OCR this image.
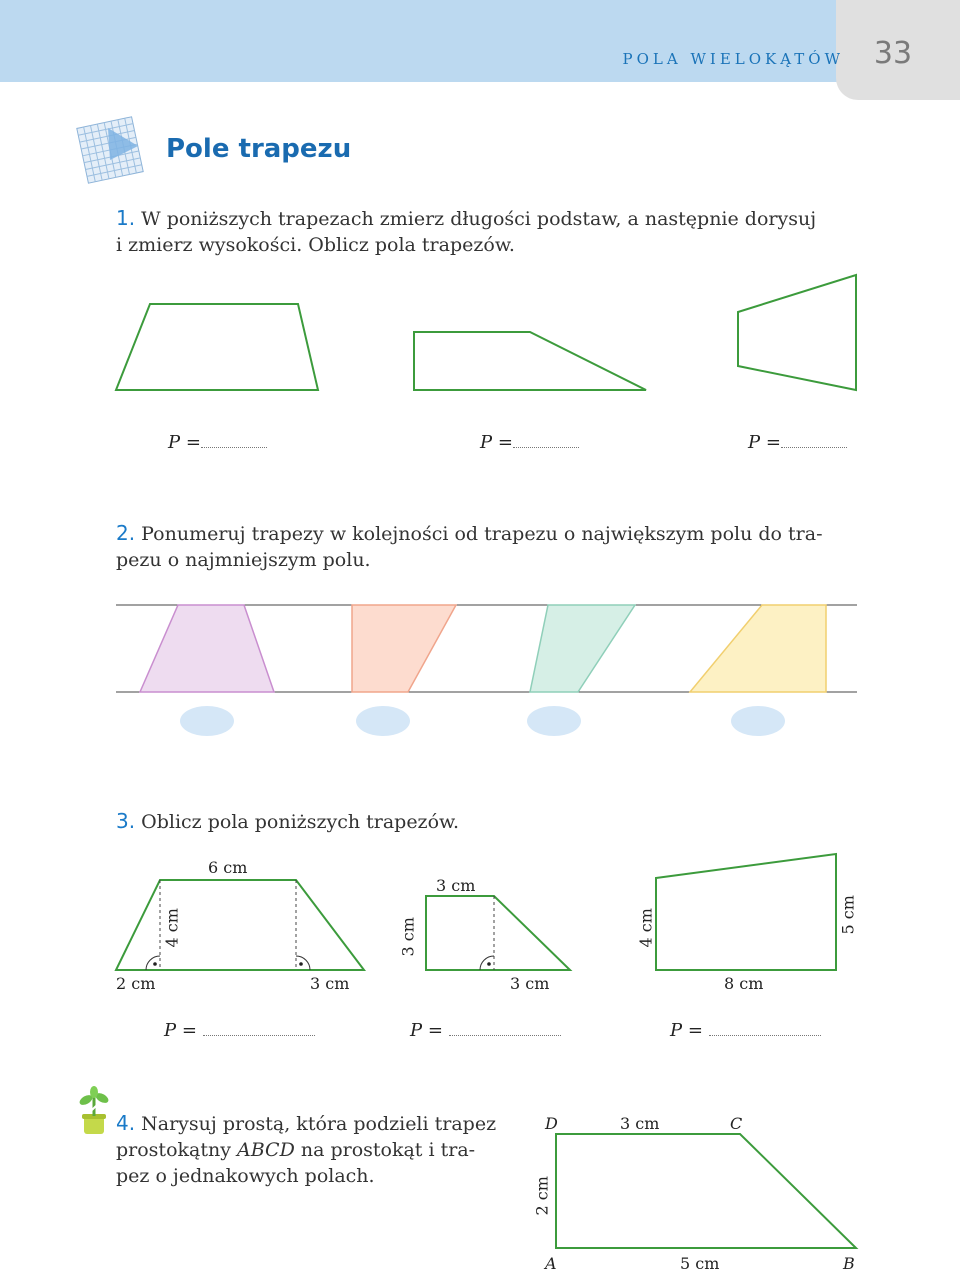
POLA WIELOKĄTÓW 33
Pole trapezu
1. W poniższych trapezach zmierz długości podstaw, a następnie dorysuj
i zmierz wysokości. Oblicz pola trapezów.
P =	P =	P =
2. Ponumeruj trapezy w kolejności od trapezu o największym polu do tra-
pezu o najmniejszym polu.
3. Oblicz pola poniższych trapezów.
6 cm
4 cm
2 cm	3 cm
3 cm
3 cm
3 cm
4 cm	5 cm
8 cm
P =	P =	P =
4. Narysuj prostą, która podzieli trapez
prostokątny ABCD na prostokąt i tra-
pez o jednakowych polach.
D	3 cm	C
2 cm
A	5 cm	B
